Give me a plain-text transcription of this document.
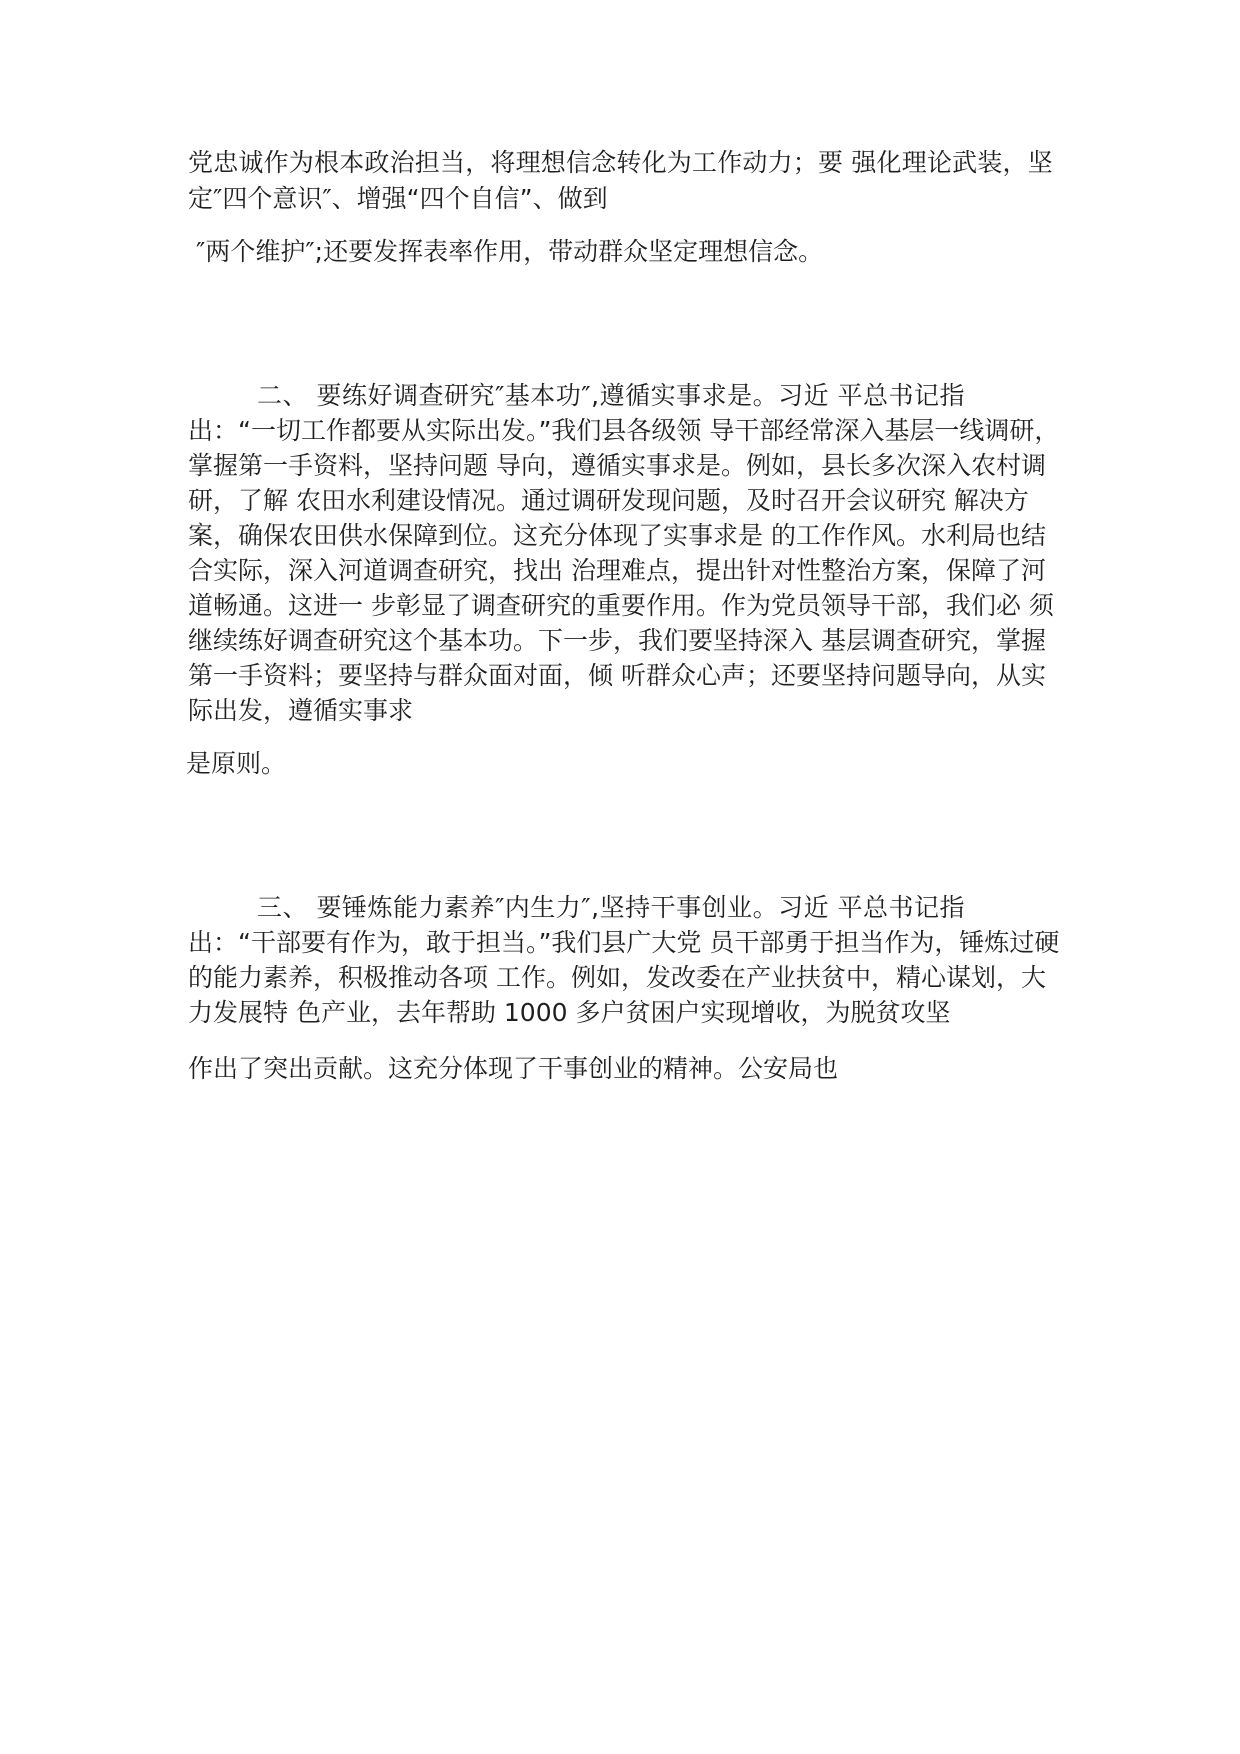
党忠诚作为根本政治担当，将理想信念转化为工作动力；要 强化理论武装，坚

定″四个意识″、增强“四个自信”、做到

″两个维护″;还要发挥表率作用，带动群众坚定理想信念。

二、 要练好调查研究″基本功″,遵循实事求是。习近 平总书记指

出：“一切工作都要从实际出发。”我们县各级领 导干部经常深入基层一线调研，

掌握第一手资料，坚持问题 导向，遵循实事求是。例如，县长多次深入农村调

研，了解 农田水利建设情况。通过调研发现问题，及时召开会议研究 解决方

案，确保农田供水保障到位。这充分体现了实事求是 的工作作风。水利局也结

合实际，深入河道调查研究，找出 治理难点，提出针对性整治方案，保障了河

道畅通。这进一 步彰显了调查研究的重要作用。作为党员领导干部，我们必 须

继续练好调查研究这个基本功。下一步，我们要坚持深入 基层调查研究，掌握

第一手资料；要坚持与群众面对面，倾 听群众心声；还要坚持问题导向，从实

际出发，遵循实事求

是原则。

三、 要锤炼能力素养″内生力″,坚持干事创业。习近 平总书记指

出：“干部要有作为，敢于担当。”我们县广大党 员干部勇于担当作为，锤炼过硬

的能力素养，积极推动各项 工作。例如，发改委在产业扶贫中，精心谋划，大

力发展特 色产业，去年帮助 1000 多户贫困户实现增收，为脱贫攻坚

作出了突出贡献。这充分体现了干事创业的精神。公安局也
